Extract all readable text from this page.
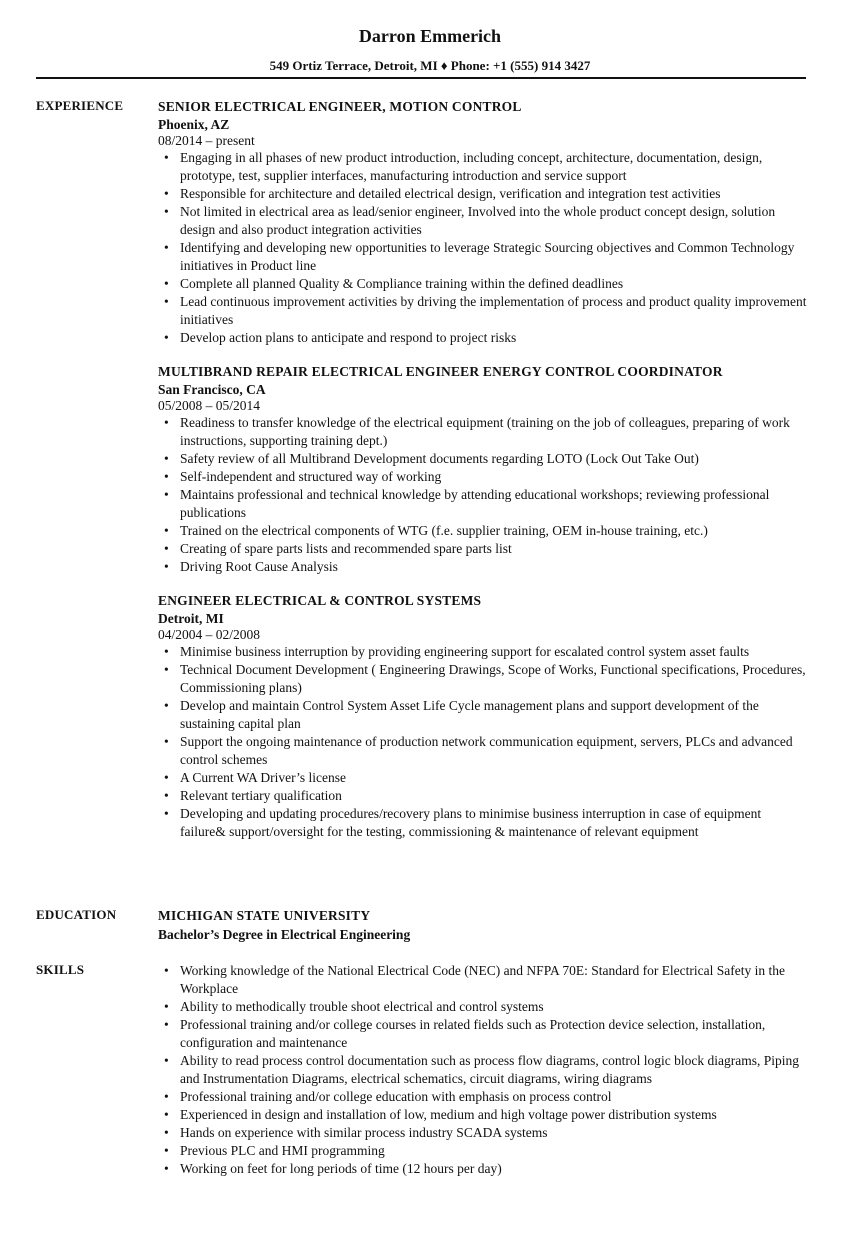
Darron Emmerich
549 Ortiz Terrace, Detroit, MI ♦ Phone: +1 (555) 914 3427
EXPERIENCE	SENIOR ELECTRICAL ENGINEER, MOTION CONTROL
Phoenix, AZ
08/2014 – present
• Engaging in all phases of new product introduction, including concept, architecture, documentation, design, prototype, test, supplier interfaces, manufacturing introduction and service support
• Responsible for architecture and detailed electrical design, verification and integration test activities
• Not limited in electrical area as lead/senior engineer, Involved into the whole product concept design, solution design and also product integration activities
• Identifying and developing new opportunities to leverage Strategic Sourcing objectives and Common Technology initiatives in Product line
• Complete all planned Quality & Compliance training within the defined deadlines
• Lead continuous improvement activities by driving the implementation of process and product quality improvement initiatives
• Develop action plans to anticipate and respond to project risks
MULTIBRAND REPAIR ELECTRICAL ENGINEER ENERGY CONTROL COORDINATOR
San Francisco, CA
05/2008 – 05/2014
• Readiness to transfer knowledge of the electrical equipment (training on the job of colleagues, preparing of work instructions, supporting training dept.)
• Safety review of all Multibrand Development documents regarding LOTO (Lock Out Take Out)
• Self-independent and structured way of working
• Maintains professional and technical knowledge by attending educational workshops; reviewing professional publications
• Trained on the electrical components of WTG (f.e. supplier training, OEM in-house training, etc.)
• Creating of spare parts lists and recommended spare parts list
• Driving Root Cause Analysis
ENGINEER ELECTRICAL & CONTROL SYSTEMS
Detroit, MI
04/2004 – 02/2008
• Minimise business interruption by providing engineering support for escalated control system asset faults
• Technical Document Development ( Engineering Drawings, Scope of Works, Functional specifications, Procedures, Commissioning plans)
• Develop and maintain Control System Asset Life Cycle management plans and support development of the sustaining capital plan
• Support the ongoing maintenance of production network communication equipment, servers, PLCs and advanced control schemes
• A Current WA Driver’s license
• Relevant tertiary qualification
• Developing and updating procedures/recovery plans to minimise business interruption in case of equipment failure& support/oversight for the testing, commissioning & maintenance of relevant equipment
EDUCATION	MICHIGAN STATE UNIVERSITY
Bachelor’s Degree in Electrical Engineering
SKILLS	• Working knowledge of the National Electrical Code (NEC) and NFPA 70E: Standard for Electrical Safety in the Workplace
• Ability to methodically trouble shoot electrical and control systems
• Professional training and/or college courses in related fields such as Protection device selection, installation, configuration and maintenance
• Ability to read process control documentation such as process flow diagrams, control logic block diagrams, Piping and Instrumentation Diagrams, electrical schematics, circuit diagrams, wiring diagrams
• Professional training and/or college education with emphasis on process control
• Experienced in design and installation of low, medium and high voltage power distribution systems
• Hands on experience with similar process industry SCADA systems
• Previous PLC and HMI programming
• Working on feet for long periods of time (12 hours per day)
